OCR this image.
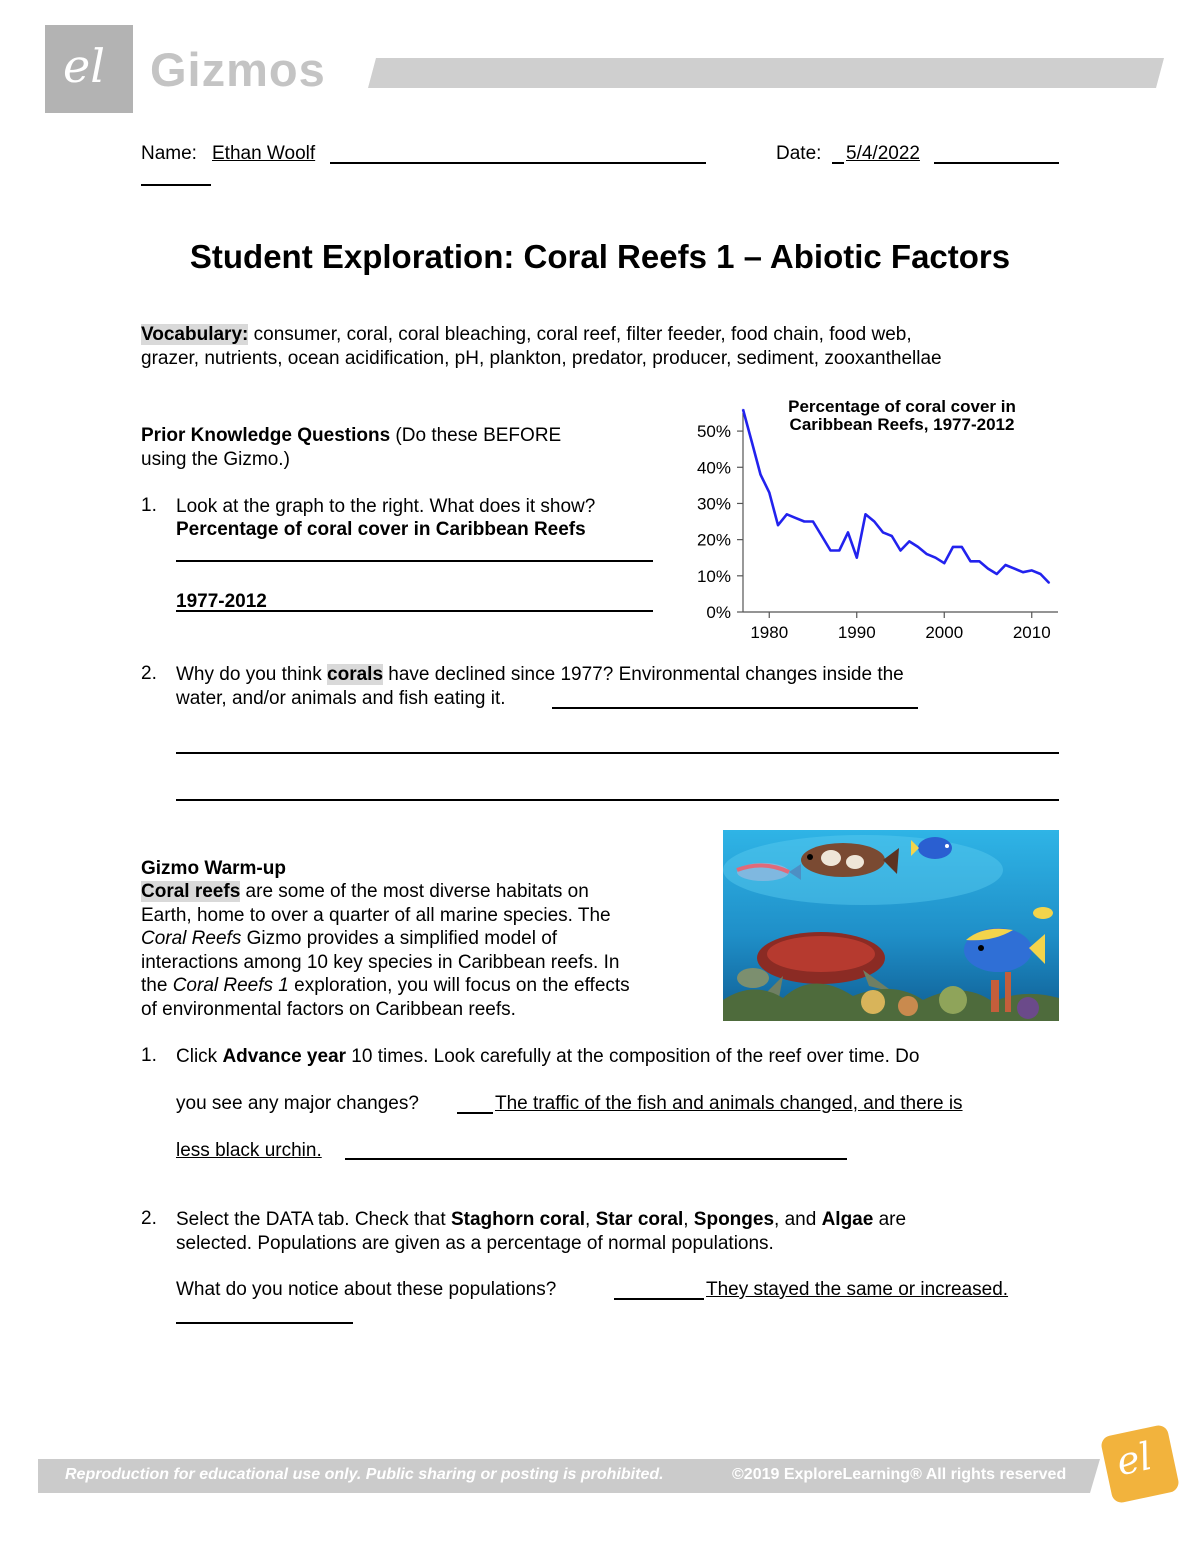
el Gizmos
Name: Ethan Woolf	Date: 5/4/2022
Student Exploration: Coral Reefs 1 – Abiotic Factors
Vocabulary: consumer, coral, coral bleaching, coral reef, filter feeder, food chain, food web,
grazer, nutrients, ocean acidification, pH, plankton, predator, producer, sediment, zooxanthellae
Prior Knowledge Questions (Do these BEFORE
using the Gizmo.)
1. Look at the graph to the right. What does it show?
Percentage of coral cover in Caribbean Reefs
1977-2012
Percentage of coral cover in
Caribbean Reefs, 1977-2012
0%
10%
20%
30%
40%
50%
1980	1990	2000	2010
2. Why do you think corals have declined since 1977? Environmental changes inside the
water, and/or animals and fish eating it.
Gizmo Warm-up
Coral reefs are some of the most diverse habitats on
Earth, home to over a quarter of all marine species. The
Coral Reefs Gizmo provides a simplified model of
interactions among 10 key species in Caribbean reefs. In
the Coral Reefs 1 exploration, you will focus on the effects
of environmental factors on Caribbean reefs.
1. Click Advance year 10 times. Look carefully at the composition of the reef over time. Do
you see any major changes?	The traffic of the fish and animals changed, and there is
less black urchin.
2. Select the DATA tab. Check that Staghorn coral, Star coral, Sponges, and Algae are
selected. Populations are given as a percentage of normal populations.
What do you notice about these populations?	They stayed the same or increased.
Reproduction for educational use only. Public sharing or posting is prohibited.	©2019 ExploreLearning® All rights reserved el
